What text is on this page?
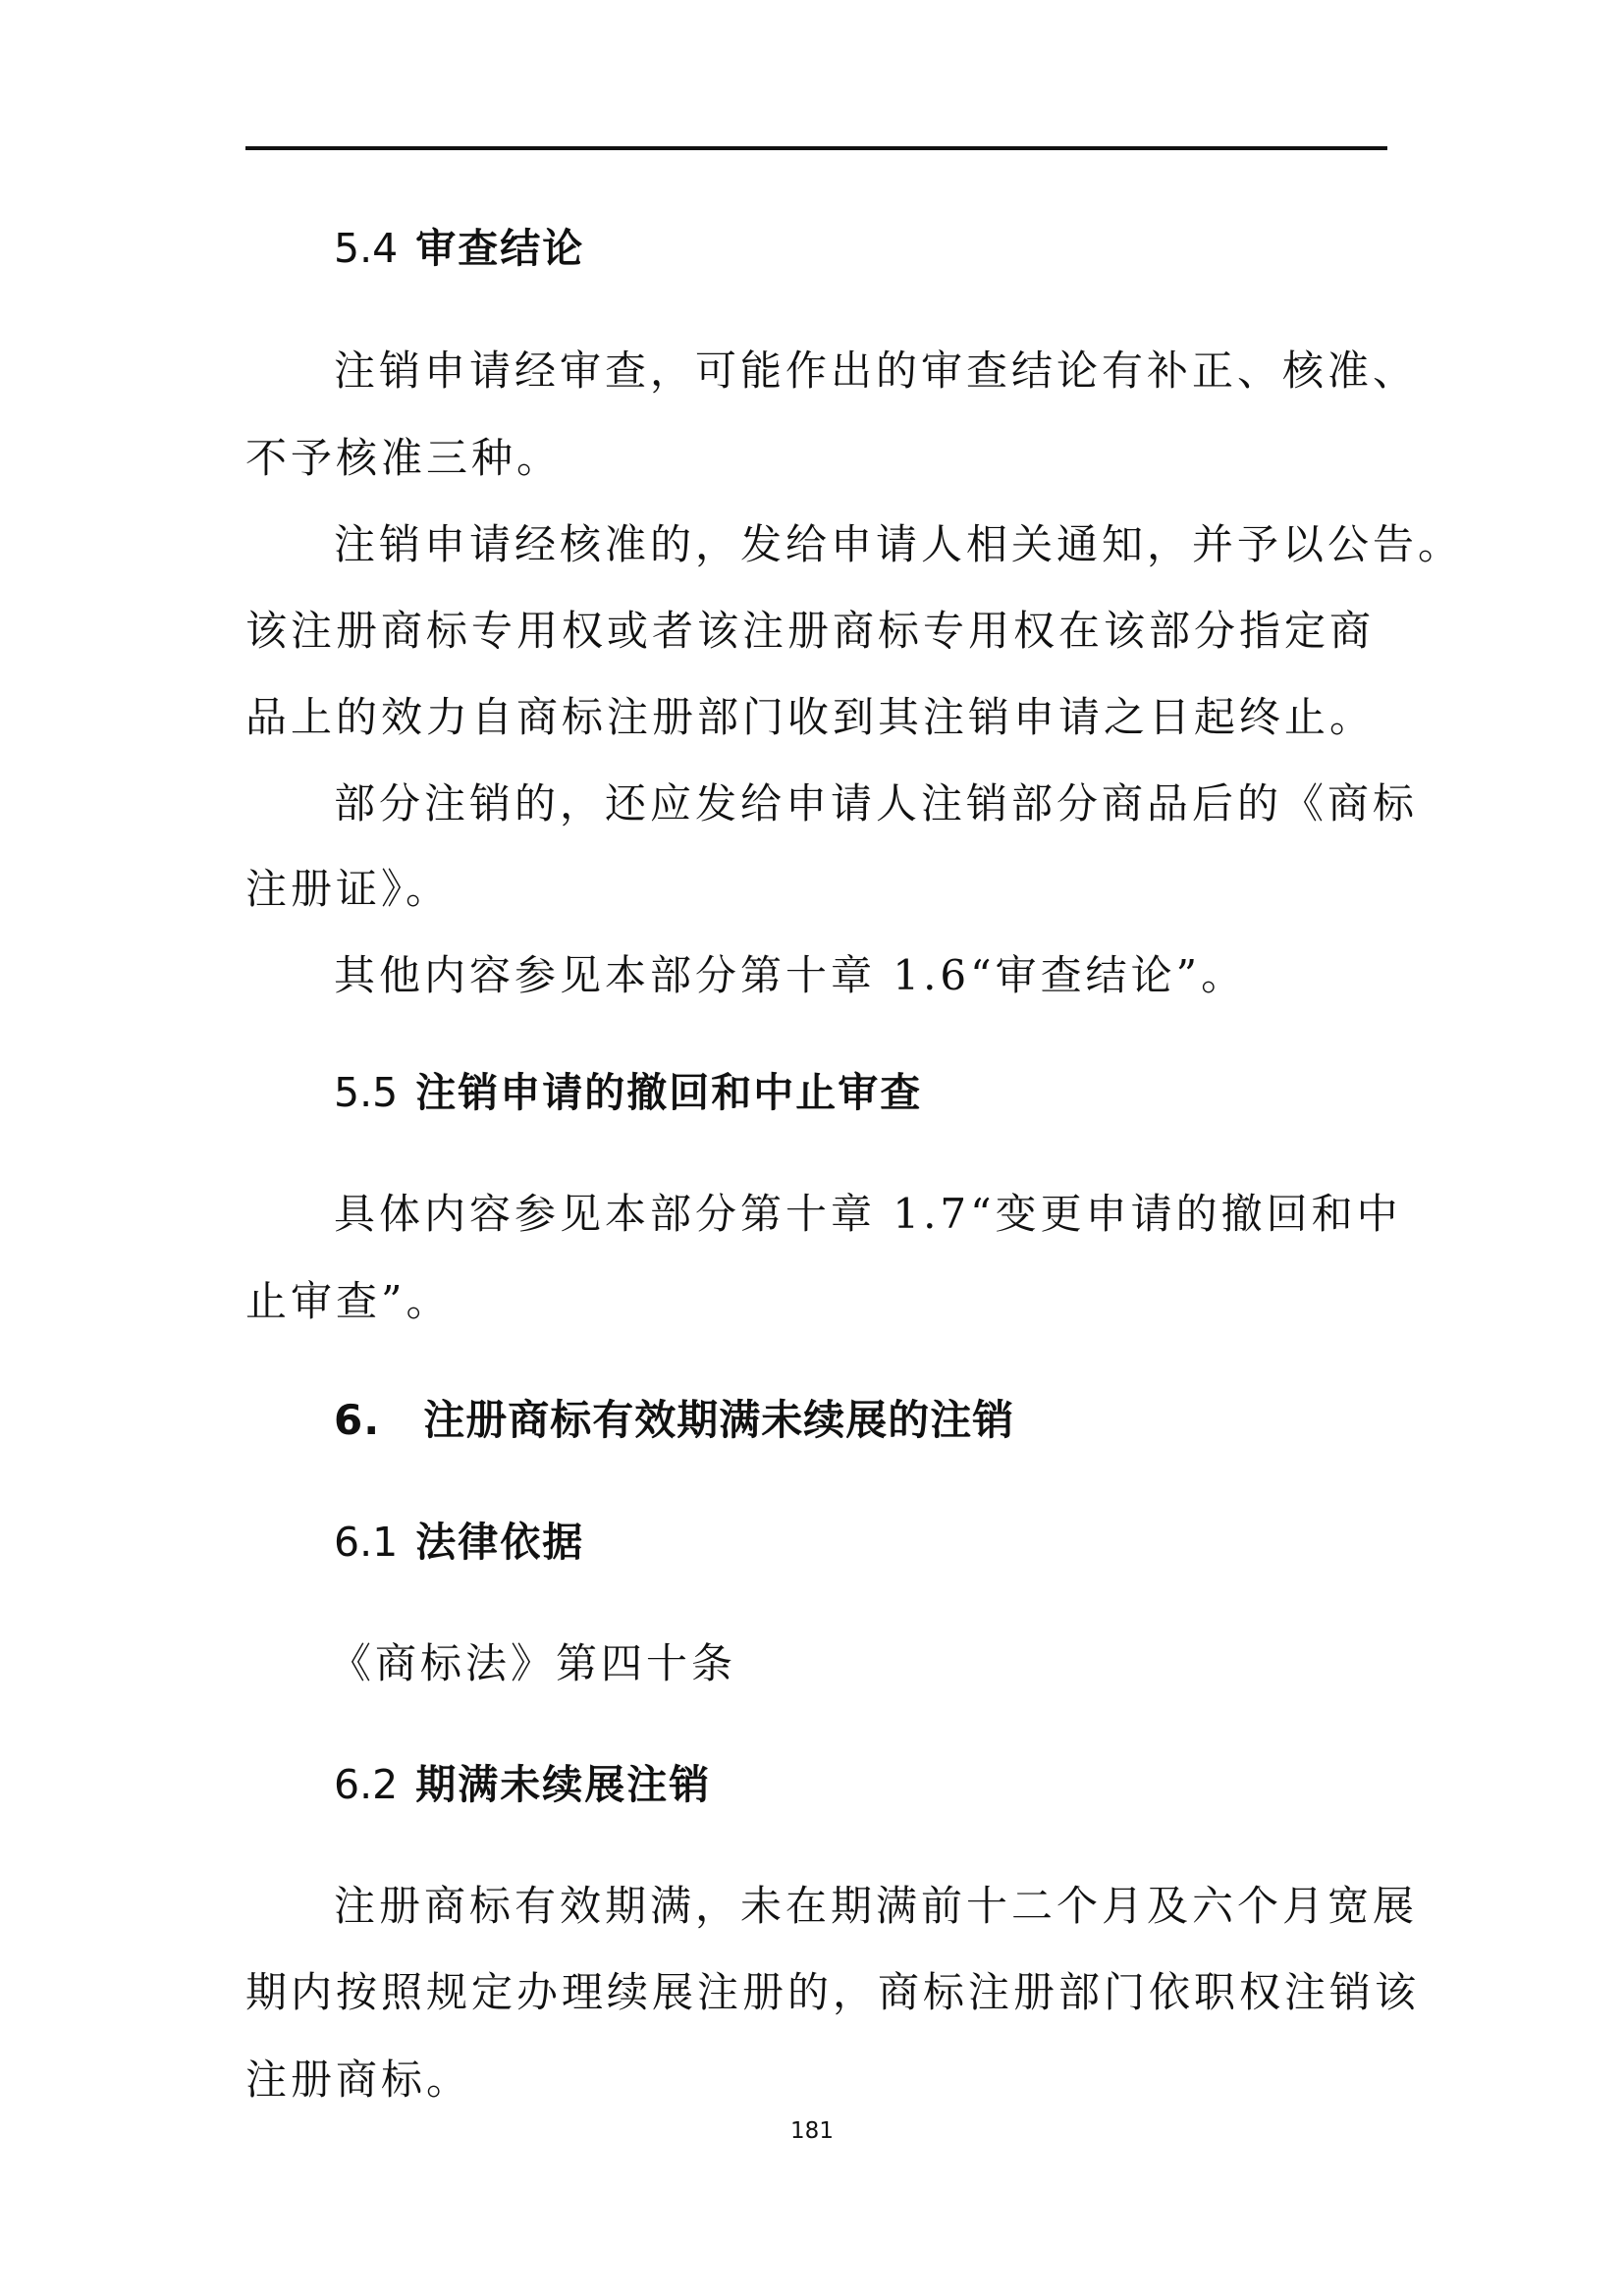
5.4 审查结论

注销申请经审查，可能作出的审查结论有补正、核准、

不予核准三种。

注销申请经核准的，发给申请人相关通知，并予以公告。

该注册商标专用权或者该注册商标专用权在该部分指定商

品上的效力自商标注册部门收到其注销申请之日起终止。

部分注销的，还应发给申请人注销部分商品后的《商标

注册证》。

其他内容参见本部分第十章 1.6“审查结论”。

5.5 注销申请的撤回和中止审查

具体内容参见本部分第十章 1.7“变更申请的撤回和中

止审查”。

6. 注册商标有效期满未续展的注销

6.1 法律依据

《商标法》第四十条

6.2 期满未续展注销

注册商标有效期满，未在期满前十二个月及六个月宽展

期内按照规定办理续展注册的，商标注册部门依职权注销该

注册商标。

181
